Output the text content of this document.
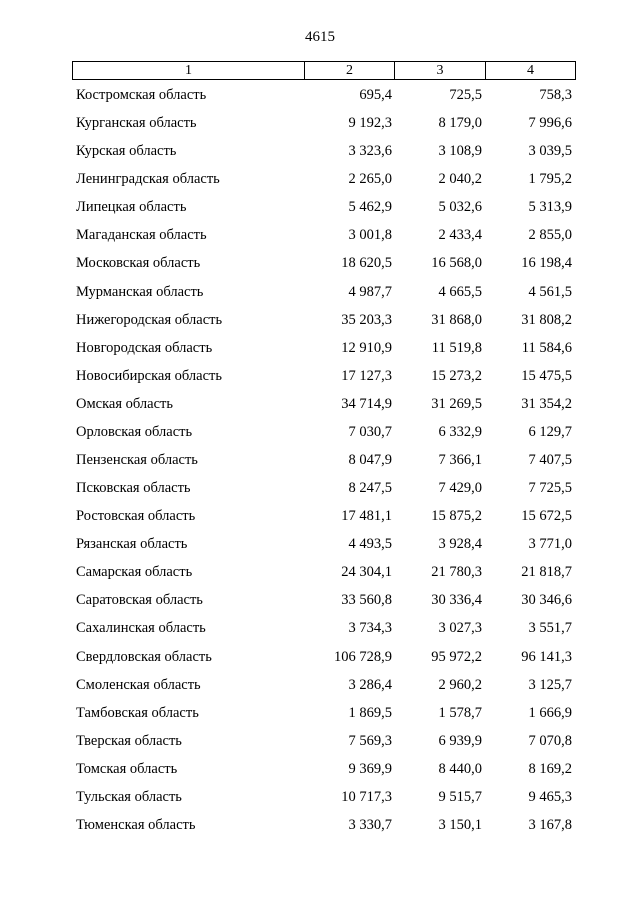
4615
1	2	3	4
Костромская область	695,4	725,5	758,3
Курганская область	9 192,3	8 179,0	7 996,6
Курская область	3 323,6	3 108,9	3 039,5
Ленинградская область	2 265,0	2 040,2	1 795,2
Липецкая область	5 462,9	5 032,6	5 313,9
Магаданская область	3 001,8	2 433,4	2 855,0
Московская область	18 620,5	16 568,0	16 198,4
Мурманская область	4 987,7	4 665,5	4 561,5
Нижегородская область	35 203,3	31 868,0	31 808,2
Новгородская область	12 910,9	11 519,8	11 584,6
Новосибирская область	17 127,3	15 273,2	15 475,5
Омская область	34 714,9	31 269,5	31 354,2
Орловская область	7 030,7	6 332,9	6 129,7
Пензенская область	8 047,9	7 366,1	7 407,5
Псковская область	8 247,5	7 429,0	7 725,5
Ростовская область	17 481,1	15 875,2	15 672,5
Рязанская область	4 493,5	3 928,4	3 771,0
Самарская область	24 304,1	21 780,3	21 818,7
Саратовская область	33 560,8	30 336,4	30 346,6
Сахалинская область	3 734,3	3 027,3	3 551,7
Свердловская область	106 728,9	95 972,2	96 141,3
Смоленская область	3 286,4	2 960,2	3 125,7
Тамбовская область	1 869,5	1 578,7	1 666,9
Тверская область	7 569,3	6 939,9	7 070,8
Томская область	9 369,9	8 440,0	8 169,2
Тульская область	10 717,3	9 515,7	9 465,3
Тюменская область	3 330,7	3 150,1	3 167,8
